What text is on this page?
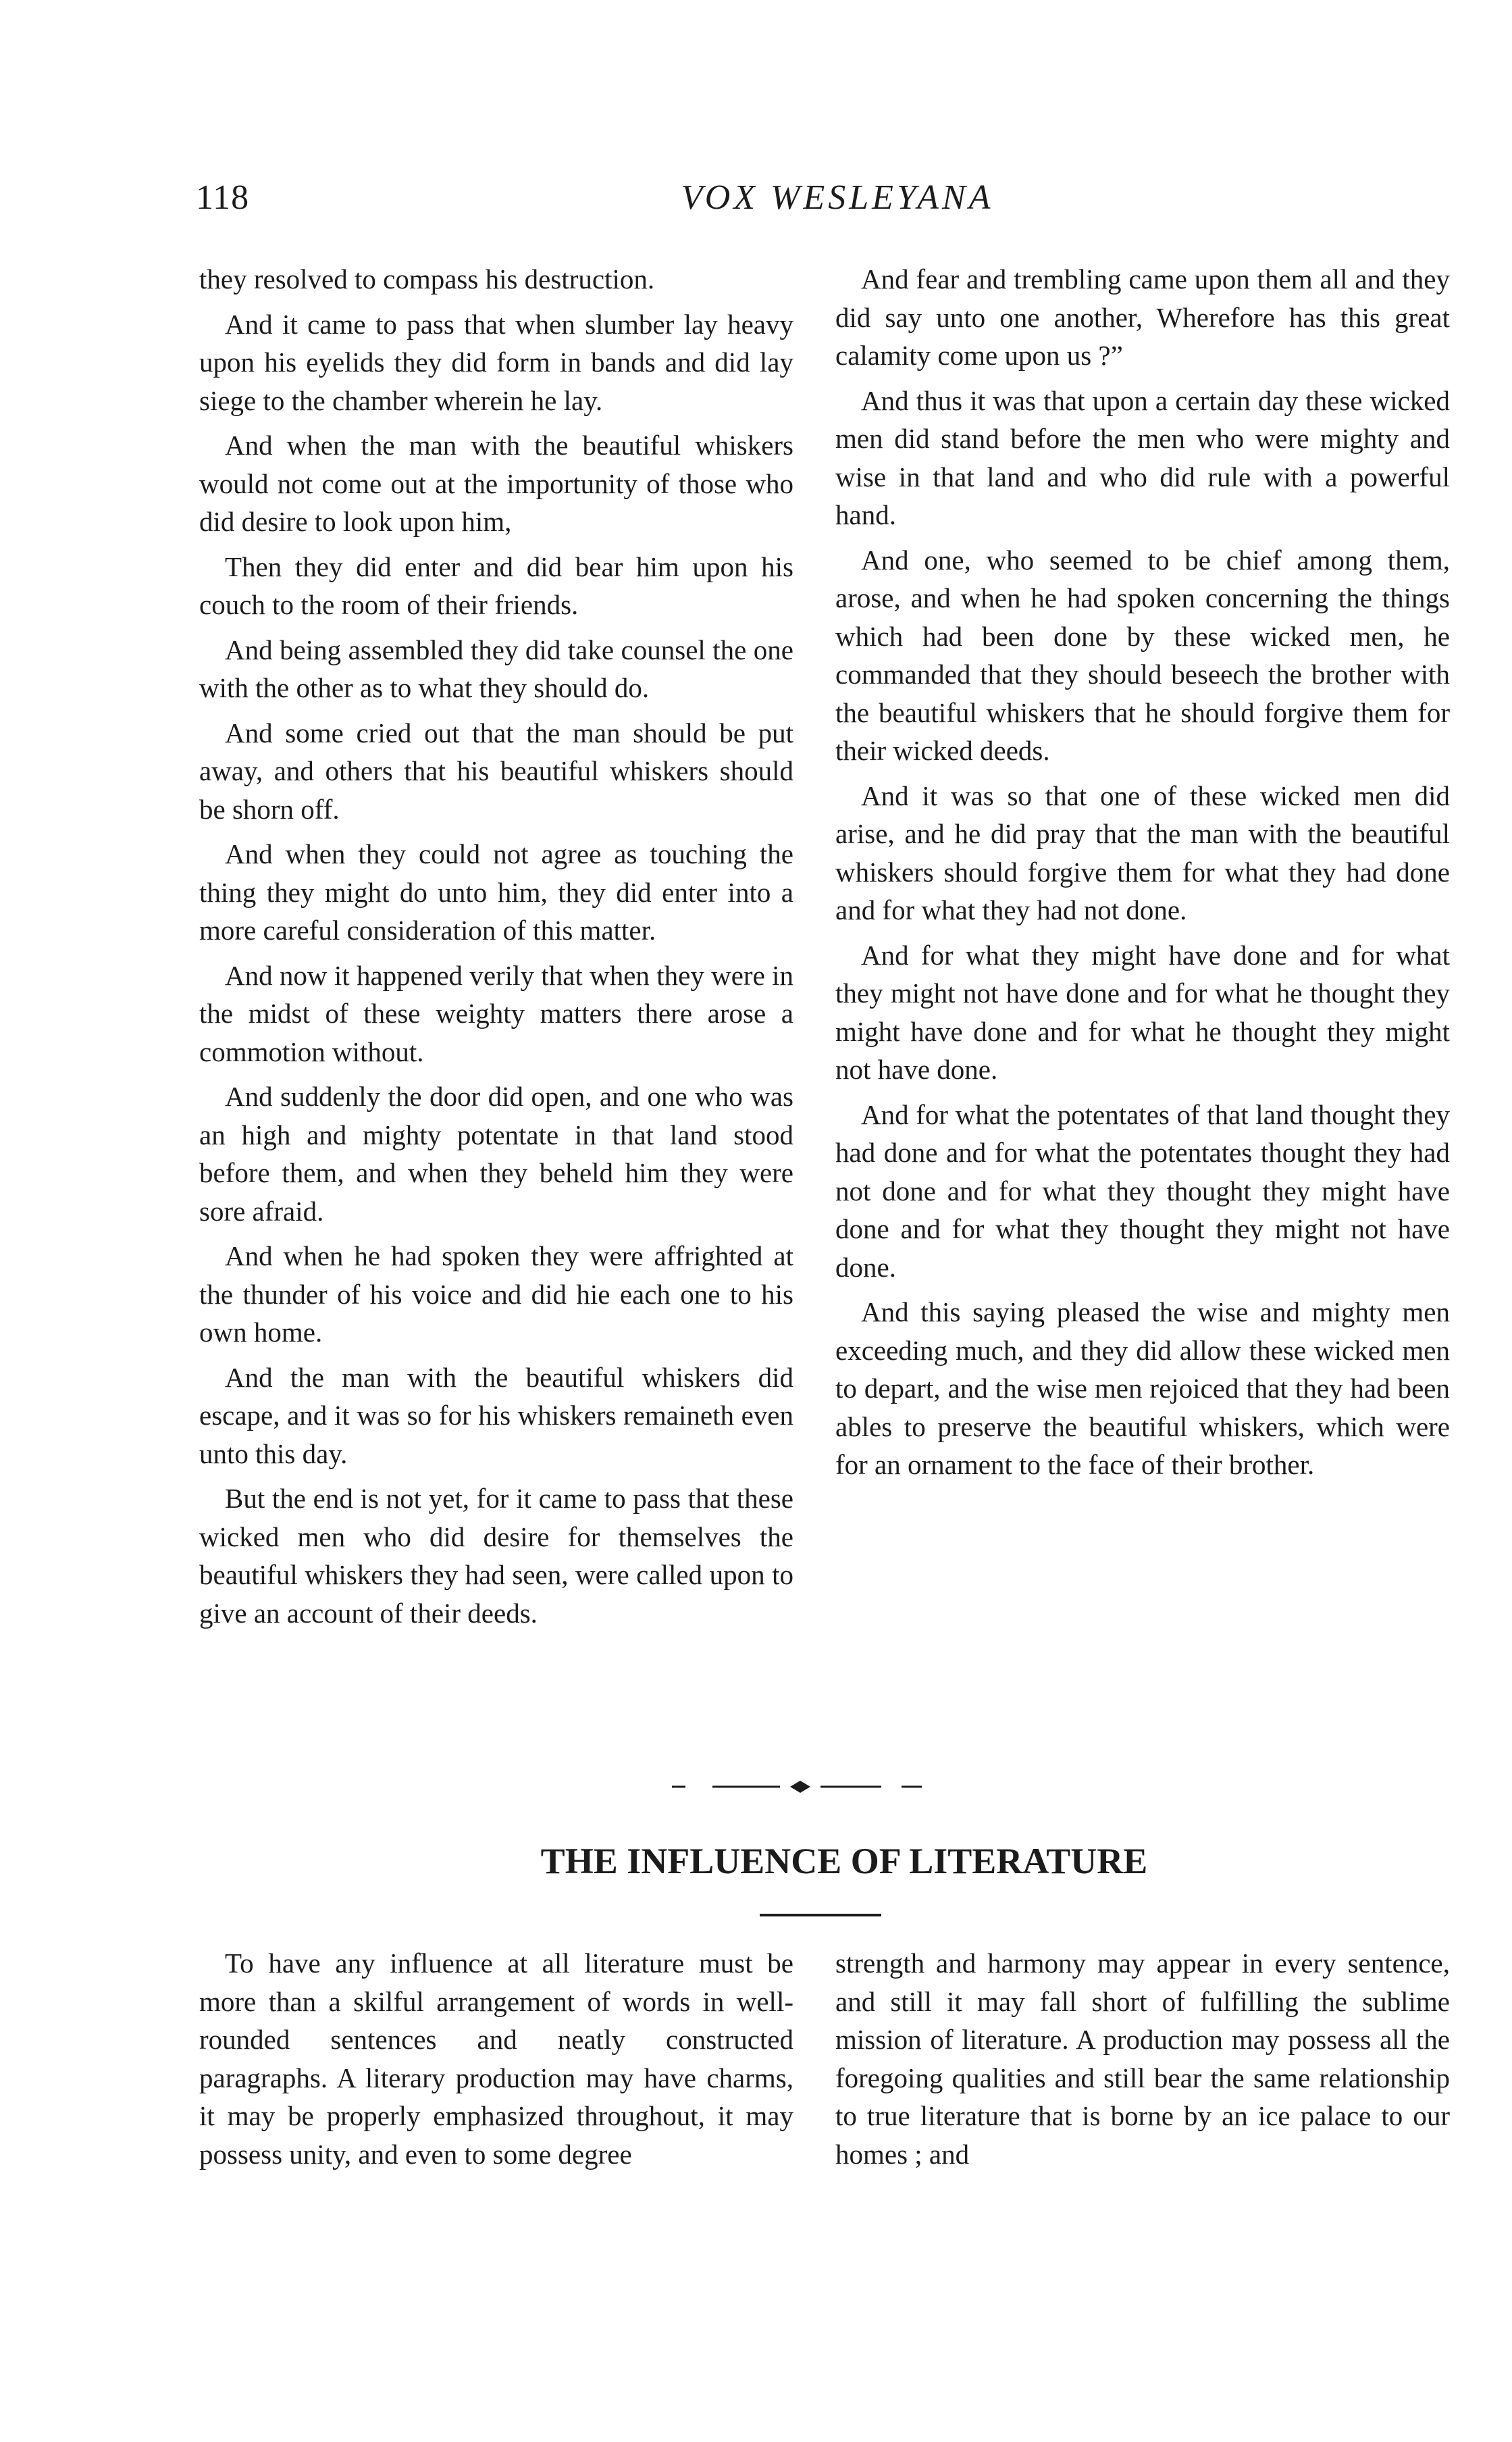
118	VOX WESLEYANA

they resolved to compass his destruction.

And it came to pass that when slumber lay heavy upon his eyelids they did form in bands and did lay siege to the chamber wherein he lay.

And when the man with the beautiful whiskers would not come out at the importunity of those who did desire to look upon him,

Then they did enter and did bear him upon his couch to the room of their friends.

And being assembled they did take counsel the one with the other as to what they should do.

And some cried out that the man should be put away, and others that his beautiful whiskers should be shorn off.

And when they could not agree as touching the thing they might do unto him, they did enter into a more careful consideration of this matter.

And now it happened verily that when they were in the midst of these weighty matters there arose a commotion without.

And suddenly the door did open, and one who was an high and mighty potentate in that land stood before them, and when they beheld him they were sore afraid.

And when he had spoken they were affrighted at the thunder of his voice and did hie each one to his own home.

And the man with the beautiful whiskers did escape, and it was so for his whiskers remaineth even unto this day.

But the end is not yet, for it came to pass that these wicked men who did desire for themselves the beautiful whiskers they had seen, were called upon to give an account of their deeds.

And fear and trembling came upon them all and they did say unto one another, Wherefore has this great calamity come upon us ?”

And thus it was that upon a certain day these wicked men did stand before the men who were mighty and wise in that land and who did rule with a powerful hand.

And one, who seemed to be chief among them, arose, and when he had spoken concerning the things which had been done by these wicked men, he commanded that they should beseech the brother with the beautiful whiskers that he should forgive them for their wicked deeds.

And it was so that one of these wicked men did arise, and he did pray that the man with the beautiful whiskers should forgive them for what they had done and for what they had not done.

And for what they might have done and for what they might not have done and for what he thought they might have done and for what he thought they might not have done.

And for what the potentates of that land thought they had done and for what the potentates thought they had not done and for what they thought they might have done and for what they thought they might not have done.

And this saying pleased the wise and mighty men exceeding much, and they did allow these wicked men to depart, and the wise men rejoiced that they had been ables to preserve the beautiful whiskers, which were for an ornament to the face of their brother.

THE INFLUENCE OF LITERATURE

To have any influence at all literature must be more than a skilful arrangement of words in well-rounded sentences and neatly constructed paragraphs. A literary production may have charms, it may be properly emphasized throughout, it may possess unity, and even to some degree

strength and harmony may appear in every sentence, and still it may fall short of fulfilling the sublime mission of literature. A production may possess all the foregoing qualities and still bear the same relationship to true literature that is borne by an ice palace to our homes ; and
